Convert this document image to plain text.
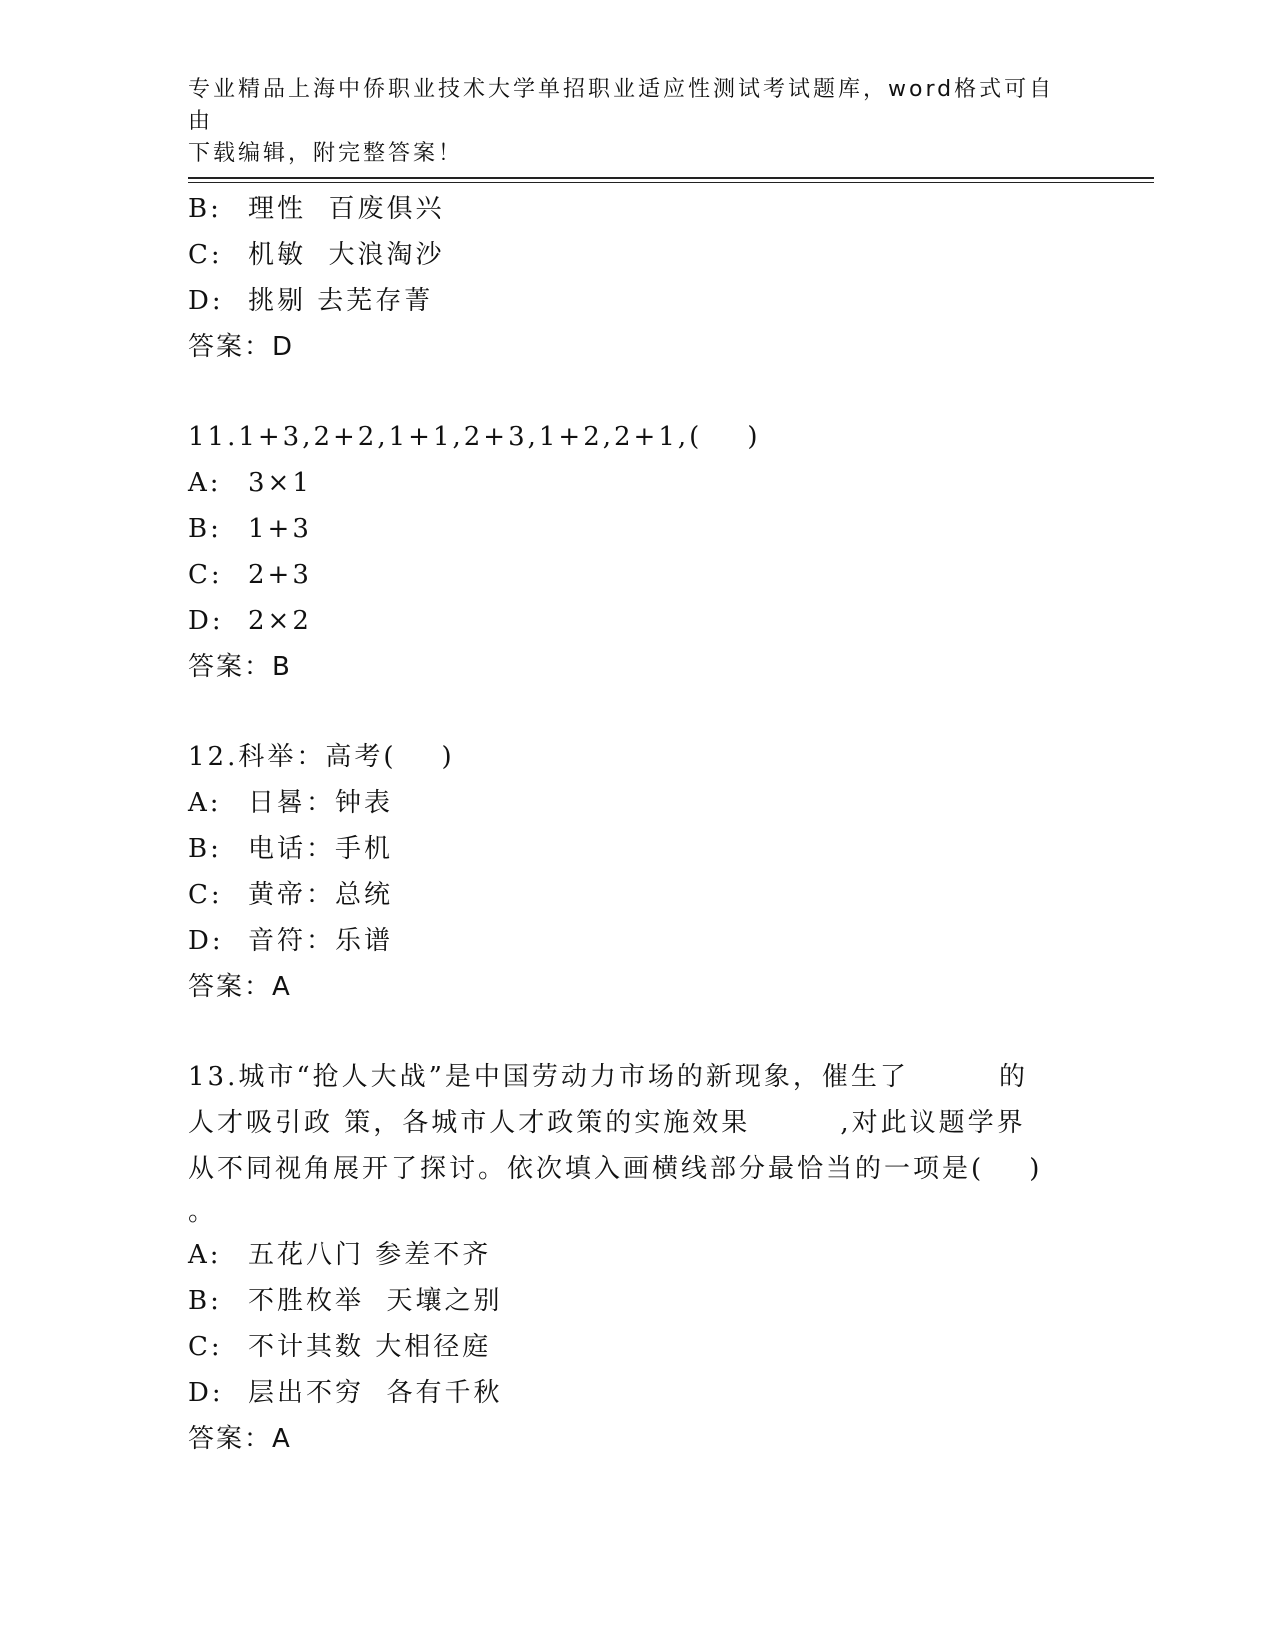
专业精品上海中侨职业技术大学单招职业适应性测试考试题库，word格式可自由
下载编辑，附完整答案！
B: 理性  百废俱兴
C: 机敏  大浪淘沙
D: 挑剔 去芜存菁
答案：D
11.1+3,2+2,1+1,2+3,1+2,2+1,(    )
A: 3×1
B: 1+3
C: 2+3
D: 2×2
答案：B
12.科举：高考(    )
A: 日晷：钟表
B: 电话：手机
C: 黄帝：总统
D: 音符：乐谱
答案：A
13.城市“抢人大战”是中国劳动力市场的新现象，催生了        的
人才吸引政 策，各城市人才政策的实施效果        ,对此议题学界
从不同视角展开了探讨。依次填入画横线部分最恰当的一项是(    )
。
A: 五花八门 参差不齐
B: 不胜枚举  天壤之别
C: 不计其数 大相径庭
D: 层出不穷  各有千秋
答案：A
